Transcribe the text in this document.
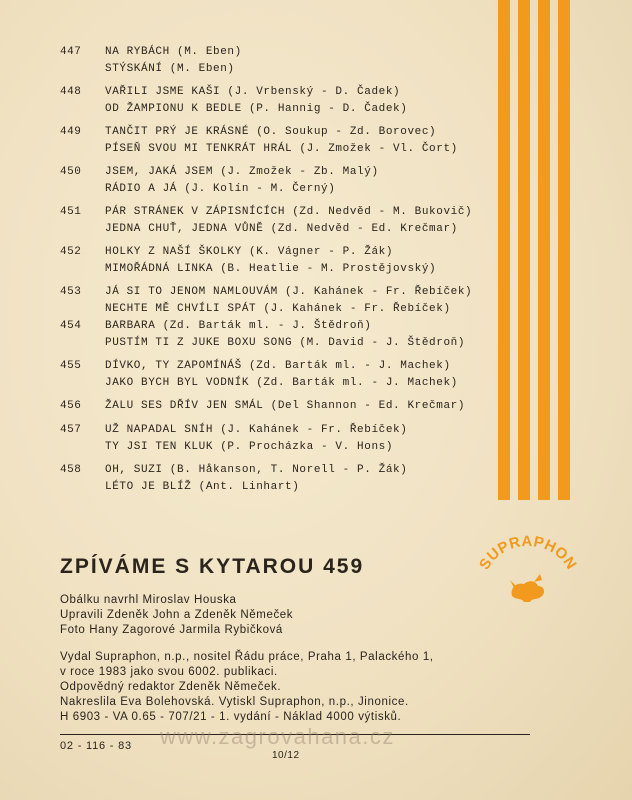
447 NA RYBÁCH (M. Eben)
STÝSKÁNÍ (M. Eben)
448 VAŘILI JSME KAŠI (J. Vrbenský - D. Čadek)
OD ŽAMPIONU K BEDLE (P. Hannig - D. Čadek)
449 TANČIT PRÝ JE KRÁSNÉ (O. Soukup - Zd. Borovec)
PÍSEŇ SVOU MI TENKRÁT HRÁL (J. Zmožek - Vl. Čort)
450 JSEM, JAKÁ JSEM (J. Zmožek - Zb. Malý)
RÁDIO A JÁ (J. Kolín - M. Černý)
451 PÁR STRÁNEK V ZÁPISNÍCÍCH (Zd. Nedvěd - M. Bukovič)
JEDNA CHUŤ, JEDNA VŮNĚ (Zd. Nedvěd - Ed. Krečmar)
452 HOLKY Z NAŠÍ ŠKOLKY (K. Vágner - P. Žák)
MIMOŘÁDNÁ LINKA (B. Heatlie - M. Prostějovský)
453 JÁ SI TO JENOM NAMLOUVÁM (J. Kahánek - Fr. Řebíček)
NECHTE MĚ CHVÍLI SPÁT (J. Kahánek - Fr. Řebíček)
454 BARBARA (Zd. Barták ml. - J. Štědroň)
PUSTÍM TI Z JUKE BOXU SONG (M. David - J. Štědroň)
455 DÍVKO, TY ZAPOMÍNÁŠ (Zd. Barták ml. - J. Machek)
JAKO BYCH BYL VODNÍK (Zd. Barták ml. - J. Machek)
456 ŽALU SES DŘÍV JEN SMÁL (Del Shannon - Ed. Krečmar)
457 UŽ NAPADAL SNÍH (J. Kahánek - Fr. Řebíček)
TY JSI TEN KLUK (P. Procházka - V. Hons)
458 OH, SUZI (B. Håkanson, T. Norell - P. Žák)
LÉTO JE BLÍŽ (Ant. Linhart)
ZPÍVÁME S KYTAROU 459	SUPRAPHON
Obálku navrhl Miroslav Houska
Upravili Zdeněk John a Zdeněk Němeček
Foto Hany Zagorové Jarmila Rybičková
Vydal Supraphon, n.p., nositel Řádu práce, Praha 1, Palackého 1,
v roce 1983 jako svou 6002. publikaci.
Odpovědný redaktor Zdeněk Němeček.
Nakreslila Eva Bolehovská. Vytiskl Supraphon, n.p., Jinonice.
H 6903 - VA 0.65 - 707/21 - 1. vydání - Náklad 4000 výtisků.
02 - 116 - 83
10/12
www.zagrovahana.cz
